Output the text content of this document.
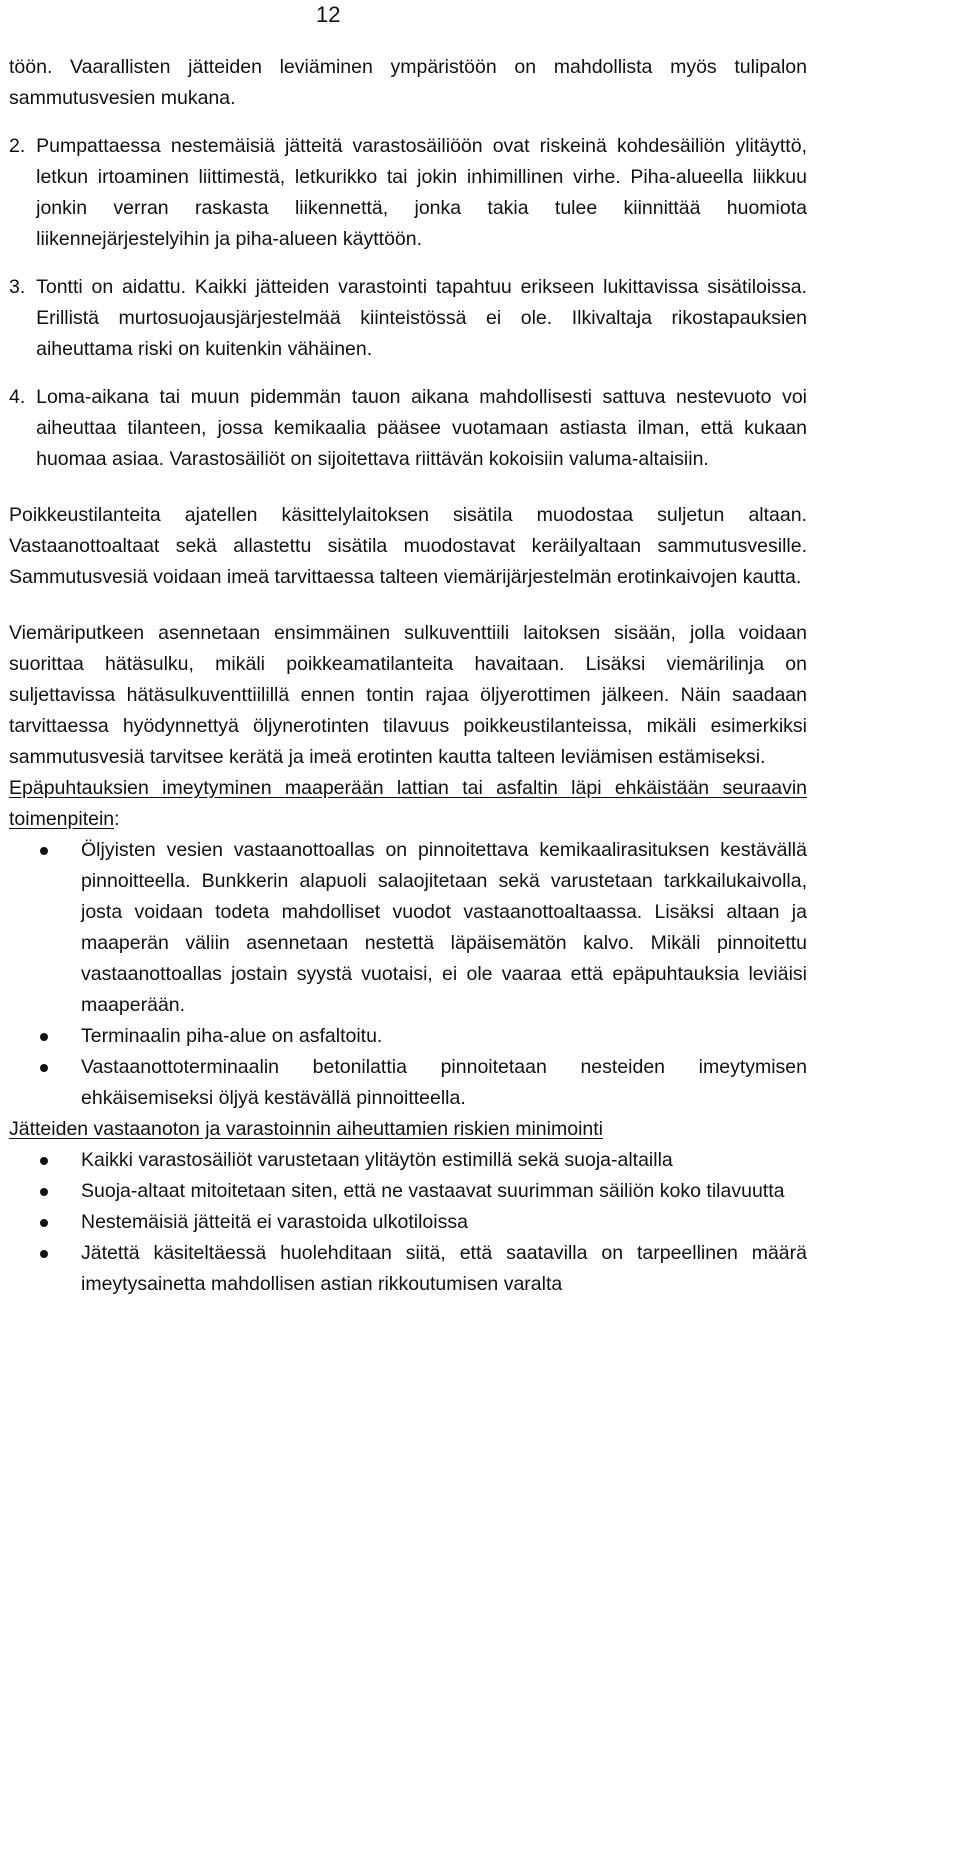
12

töön. Vaarallisten jätteiden leviäminen ympäristöön on mahdollista myös tulipalon sammutusvesien mukana.

2. Pumpattaessa nestemäisiä jätteitä varastosäiliöön ovat riskeinä kohdesäiliön ylitäyttö, letkun irtoaminen liittimestä, letkurikko tai jokin inhimillinen virhe. Piha-alueella liikkuu jonkin verran raskasta liikennettä, jonka takia tulee kiinnittää huomiota liikennejärjestelyihin ja piha-alueen käyttöön.
3. Tontti on aidattu. Kaikki jätteiden varastointi tapahtuu erikseen lukittavissa sisätiloissa. Erillistä murtosuojausjärjestelmää kiinteistössä ei ole. Ilkivaltaja rikostapauksien aiheuttama riski on kuitenkin vähäinen.
4. Loma-aikana tai muun pidemmän tauon aikana mahdollisesti sattuva nestevuoto voi aiheuttaa tilanteen, jossa kemikaalia pääsee vuotamaan astiasta ilman, että kukaan huomaa asiaa. Varastosäiliöt on sijoitettava riittävän kokoisiin valuma-altaisiin.

Poikkeustilanteita ajatellen käsittelylaitoksen sisätila muodostaa suljetun altaan. Vastaanottoaltaat sekä allastettu sisätila muodostavat keräilyaltaan sammutusvesille. Sammutusvesiä voidaan imeä tarvittaessa talteen viemärijärjestelmän erotinkaivojen kautta.

Viemäriputkeen asennetaan ensimmäinen sulkuventtiili laitoksen sisään, jolla voidaan suorittaa hätäsulku, mikäli poikkeamatilanteita havaitaan. Lisäksi viemärilinja on suljettavissa hätäsulkuventtiilillä ennen tontin rajaa öljyerottimen jälkeen. Näin saadaan tarvittaessa hyödynnettyä öljynerotinten tilavuus poikkeustilanteissa, mikäli esimerkiksi sammutusvesiä tarvitsee kerätä ja imeä erotinten kautta talteen leviämisen estämiseksi.

Epäpuhtauksien imeytyminen maaperään lattian tai asfaltin läpi ehkäistään seuraavin toimenpitein:

Öljyisten vesien vastaanottoallas on pinnoitettava kemikaalirasituksen kestävällä pinnoitteella. Bunkkerin alapuoli salaojitetaan sekä varustetaan tarkkailukaivolla, josta voidaan todeta mahdolliset vuodot vastaanottoaltaassa. Lisäksi altaan ja maaperän väliin asennetaan nestettä läpäisemätön kalvo. Mikäli pinnoitettu vastaanottoallas jostain syystä vuotaisi, ei ole vaaraa että epäpuhtauksia leviäisi maaperään.
Terminaalin piha-alue on asfaltoitu.
Vastaanottoterminaalin betonilattia pinnoitetaan nesteiden imeytymisen ehkäisemiseksi öljyä kestävällä pinnoitteella.

Jätteiden vastaanoton ja varastoinnin aiheuttamien riskien minimointi

Kaikki varastosäiliöt varustetaan ylitäytön estimillä sekä suoja-altailla
Suoja-altaat mitoitetaan siten, että ne vastaavat suurimman säiliön koko tilavuutta
Nestemäisiä jätteitä ei varastoida ulkotiloissa
Jätettä käsiteltäessä huolehditaan siitä, että saatavilla on tarpeellinen määrä imeytysainetta mahdollisen astian rikkoutumisen varalta
